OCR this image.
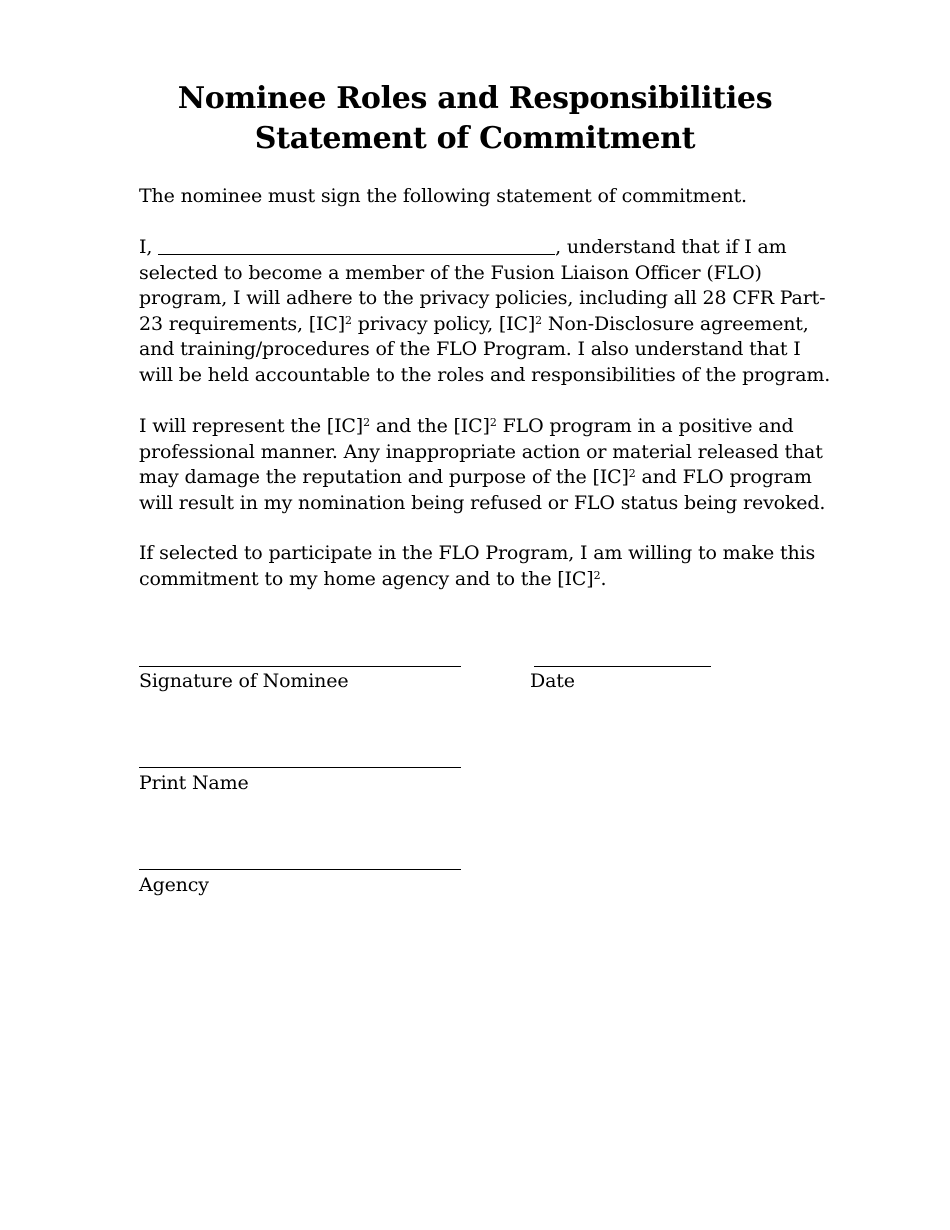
Nominee Roles and Responsibilities
Statement of Commitment
The nominee must sign the following statement of commitment.
I,	, understand that if I am
selected to become a member of the Fusion Liaison Officer (FLO)
program, I will adhere to the privacy policies, including all 28 CFR Part-
23 requirements, [IC]$^2$ privacy policy, [IC]$^2$ Non-Disclosure agreement,
and training/procedures of the FLO Program. I also understand that I
will be held accountable to the roles and responsibilities of the program.
I will represent the [IC]$^2$ and the [IC]$^2$ FLO program in a positive and
professional manner. Any inappropriate action or material released that
may damage the reputation and purpose of the [IC]$^2$ and FLO program
will result in my nomination being refused or FLO status being revoked.
If selected to participate in the FLO Program, I am willing to make this
commitment to my home agency and to the [IC]$^2$.
Signature of Nominee	Date
Print Name
Agency
